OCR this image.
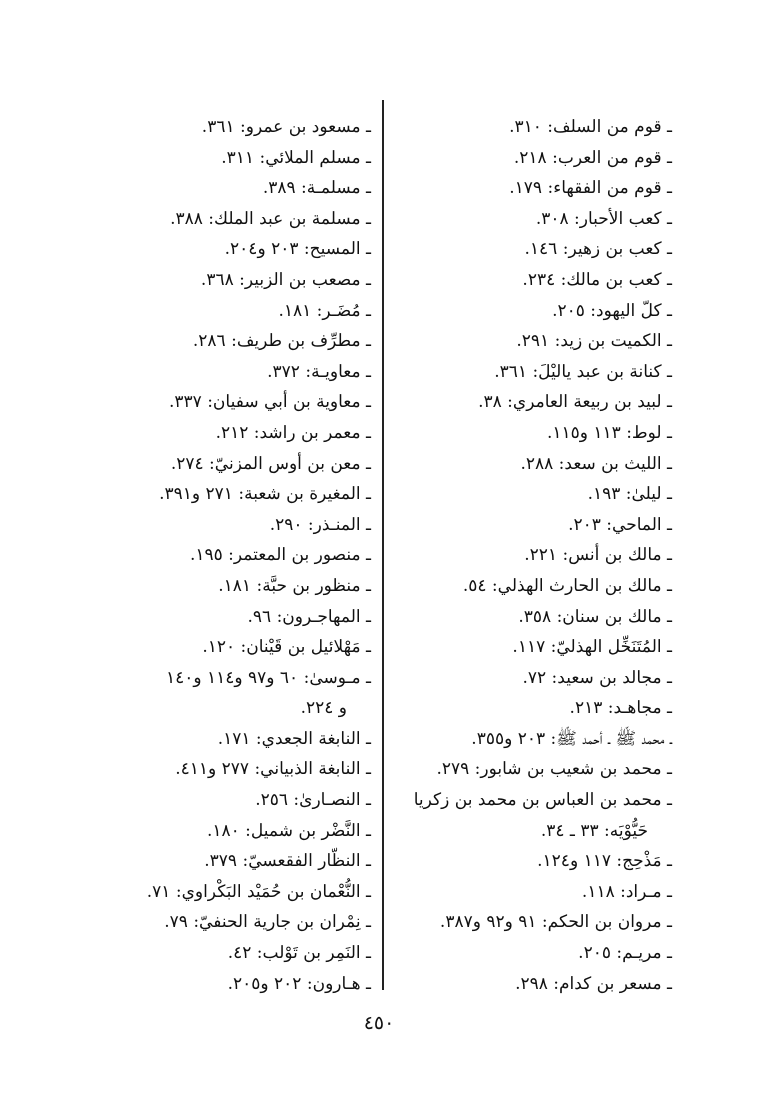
ـ قوم من السلف: ٣١٠.
ـ قوم من العرب: ٢١٨.
ـ قوم من الفقهاء: ١٧٩.
ـ كعب الأحبار: ٣٠٨.
ـ كعب بن زهير: ١٤٦.
ـ كعب بن مالك: ٢٣٤.
ـ كلّ اليهود: ٢٠٥.
ـ الكميت بن زيد: ٢٩١.
ـ كنانة بن عبد ياليْلَ: ٣٦١.
ـ لبيد بن ربيعة العامري: ٣٨.
ـ لوط: ١١٣ و١١٥.
ـ الليث بن سعد: ٢٨٨.
ـ ليلىٰ: ١٩٣.
ـ الماحي: ٢٠٣.
ـ مالك بن أنس: ٢٢١.
ـ مالك بن الحارث الهذلي: ٥٤.
ـ مالك بن سنان: ٣٥٨.
ـ المُتَنَخِّل الهذليّ: ١١٧.
ـ مجالد بن سعيد: ٧٢.
ـ مجاهـد: ٢١٣.
ـ محمد ﷺ ـ أحمد ﷺ: ٢٠٣ و٣٥٥.
ـ محمد بن شعيب بن شابور: ٢٧٩.
ـ محمد بن العباس بن محمد بن زكريا
حَيُّوْيَه: ٣٣ ـ ٣٤.
ـ مَذْحِج: ١١٧ و١٢٤.
ـ مـراد: ١١٨.
ـ مروان بن الحكم: ٩١ و٩٢ و٣٨٧.
ـ مريـم: ٢٠٥.
ـ مسعر بن كدام: ٢٩٨.
ـ مسعود بن عمرو: ٣٦١.
ـ مسلم الملائي: ٣١١.
ـ مسلمـة: ٣٨٩.
ـ مسلمة بن عبد الملك: ٣٨٨.
ـ المسيح: ٢٠٣ و٢٠٤.
ـ مصعب بن الزبير: ٣٦٨.
ـ مُضَـر: ١٨١.
ـ مطرِّف بن طريف: ٢٨٦.
ـ معاويـة: ٣٧٢.
ـ معاوية بن أبي سفيان: ٣٣٧.
ـ معمر بن راشد: ٢١٢.
ـ معن بن أوس المزنيّ: ٢٧٤.
ـ المغيرة بن شعبة: ٢٧١ و٣٩١.
ـ المنـذر: ٢٩٠.
ـ منصور بن المعتمر: ١٩٥.
ـ منظور بن حبَّة: ١٨١.
ـ المهاجـرون: ٩٦.
ـ مَهْلائيل بن قَيْنان: ١٢٠.
ـ مـوسىٰ: ٦٠ و٩٧ و١١٤ و١٤٠
و ٢٢٤.
ـ النابغة الجعدي: ١٧١.
ـ النابغة الذبياني: ٢٧٧ و٤١١.
ـ النصـارىٰ: ٢٥٦.
ـ النَّضْر بن شميل: ١٨٠.
ـ النظّار الفقعسيّ: ٣٧٩.
ـ النُّعْمان بن حُمَيْد البَكْراوي: ٧١.
ـ نِمْران بن جارية الحنفيّ: ٧٩.
ـ النَمِر بن تَوْلب: ٤٢.
ـ هـارون: ٢٠٢ و٢٠٥.
٤٥٠
